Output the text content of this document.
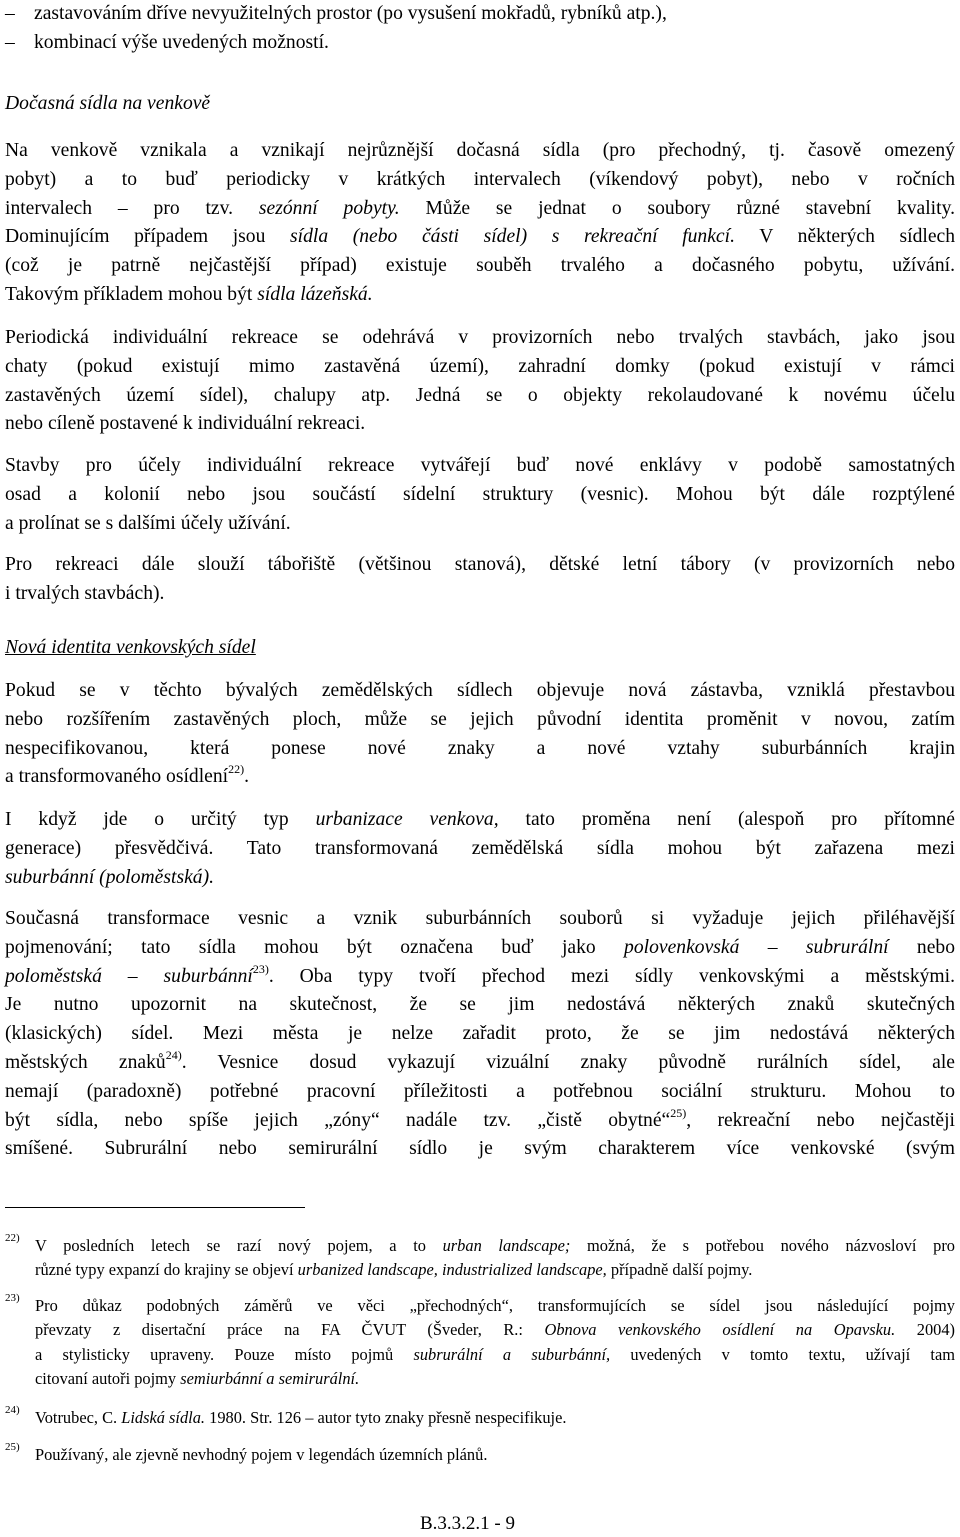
– zastavováním dříve nevyužitelných prostor (po vysušení mokřadů, rybníků atp.),
– kombinací výše uvedených možností.
Dočasná sídla na venkově
Na venkově vznikala a vznikají nejrůznější dočasná sídla (pro přechodný, tj. časově omezený
pobyt) a to buď periodicky v krátkých intervalech (víkendový pobyt), nebo v ročních
intervalech – pro tzv. sezónní pobyty. Může se jednat o soubory různé stavební kvality.
Dominujícím případem jsou sídla (nebo části sídel) s rekreační funkcí. V některých sídlech
(což je patrně nejčastější případ) existuje souběh trvalého a dočasného pobytu, užívání.
Takovým příkladem mohou být sídla lázeňská.
Periodická individuální rekreace se odehrává v provizorních nebo trvalých stavbách, jako jsou
chaty (pokud existují mimo zastavěná území), zahradní domky (pokud existují v rámci
zastavěných území sídel), chalupy atp. Jedná se o objekty rekolaudované k novému účelu
nebo cíleně postavené k individuální rekreaci.
Stavby pro účely individuální rekreace vytvářejí buď nové enklávy v podobě samostatných
osad a kolonií nebo jsou součástí sídelní struktury (vesnic). Mohou být dále rozptýlené
a prolínat se s dalšími účely užívání.
Pro rekreaci dále slouží tábořiště (většinou stanová), dětské letní tábory (v provizorních nebo
i trvalých stavbách).
Nová identita venkovských sídel
Pokud se v těchto bývalých zemědělských sídlech objevuje nová zástavba, vzniklá přestavbou
nebo rozšířením zastavěných ploch, může se jejich původní identita proměnit v novou, zatím
nespecifikovanou, která ponese nové znaky a nové vztahy suburbánních krajin
a transformovaného osídlení$^{22)}$.
I když jde o určitý typ urbanizace venkova, tato proměna není (alespoň pro přítomné
generace) přesvědčivá. Tato transformovaná zemědělská sídla mohou být zařazena mezi
suburbánní (poloměstská).
Současná transformace vesnic a vznik suburbánních souborů si vyžaduje jejich přiléhavější
pojmenování; tato sídla mohou být označena buď jako polovenkovská – subrurální nebo
poloměstská – suburbánní$^{23)}$. Oba typy tvoří přechod mezi sídly venkovskými a městskými.
Je nutno upozornit na skutečnost, že se jim nedostává některých znaků skutečných
(klasických) sídel. Mezi města je nelze zařadit proto, že se jim nedostává některých
městských znaků$^{24)}$. Vesnice dosud vykazují vizuální znaky původně rurálních sídel, ale
nemají (paradoxně) potřebné pracovní příležitosti a potřebnou sociální strukturu. Mohou to
být sídla, nebo spíše jejich „zóny“ nadále tzv. „čistě obytné“$^{25)}$, rekreační nebo nejčastěji
smíšené. Subrurální nebo semirurální sídlo je svým charakterem více venkovské (svým
22) V posledních letech se razí nový pojem, a to urban landscape; možná, že s potřebou nového názvosloví pro
různé typy expanzí do krajiny se objeví urbanized landscape, industrialized landscape, případně další pojmy.
23) Pro důkaz podobných záměrů ve věci „přechodných“, transformujících se sídel jsou následující pojmy
převzaty z disertační práce na FA ČVUT (Šveder, R.: Obnova venkovského osídlení na Opavsku. 2004)
a stylisticky upraveny. Pouze místo pojmů subrurální a suburbánní, uvedených v tomto textu, užívají tam
citovaní autoři pojmy semiurbánní a semirurální.
24) Votrubec, C. Lidská sídla. 1980. Str. 126 – autor tyto znaky přesně nespecifikuje.
25) Používaný, ale zjevně nevhodný pojem v legendách územních plánů.
B.3.3.2.1 - 9
